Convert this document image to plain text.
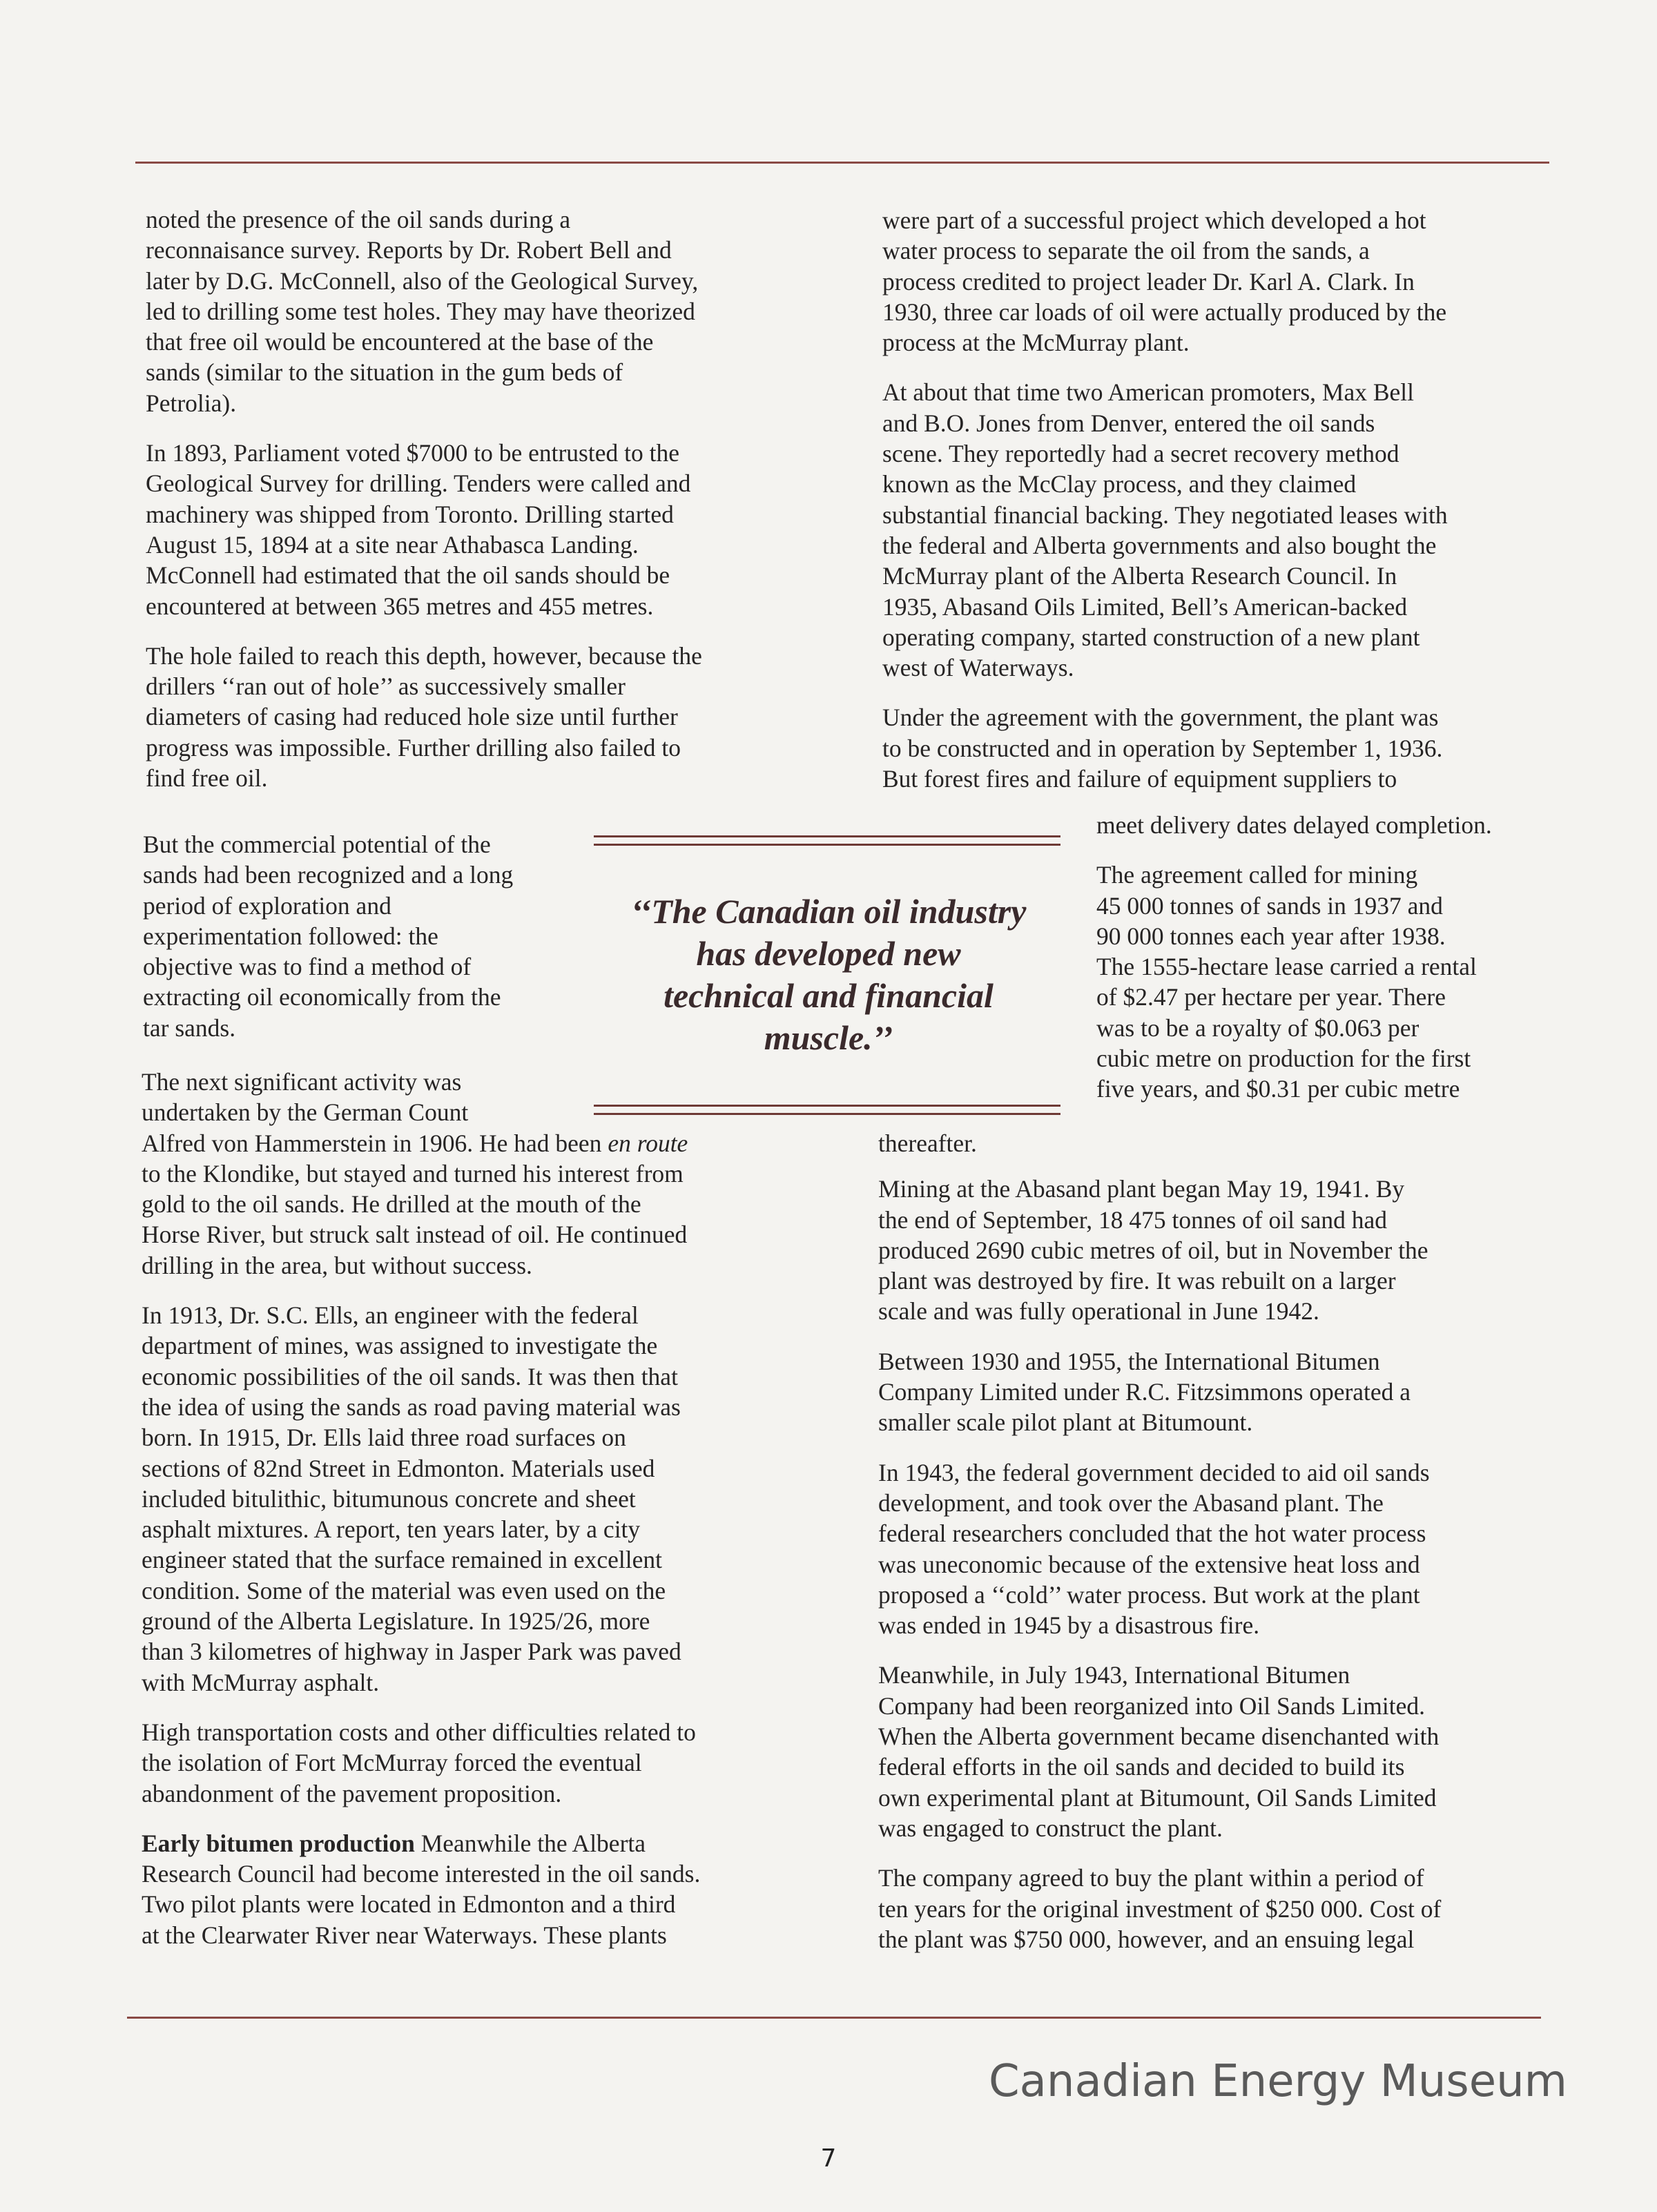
noted the presence of the oil sands during a
reconnaisance survey. Reports by Dr. Robert Bell and
later by D.G. McConnell, also of the Geological Survey,
led to drilling some test holes. They may have theorized
that free oil would be encountered at the base of the
sands (similar to the situation in the gum beds of
Petrolia).

In 1893, Parliament voted $7000 to be entrusted to the
Geological Survey for drilling. Tenders were called and
machinery was shipped from Toronto. Drilling started
August 15, 1894 at a site near Athabasca Landing.
McConnell had estimated that the oil sands should be
encountered at between 365 metres and 455 metres.

The hole failed to reach this depth, however, because the
drillers ‘‘ran out of hole’’ as successively smaller
diameters of casing had reduced hole size until further
progress was impossible. Further drilling also failed to
find free oil.

But the commercial potential of the
sands had been recognized and a long
period of exploration and
experimentation followed: the
objective was to find a method of
extracting oil economically from the
tar sands.

The next significant activity was
undertaken by the German Count
Alfred von Hammerstein in 1906. He had been en route
to the Klondike, but stayed and turned his interest from
gold to the oil sands. He drilled at the mouth of the
Horse River, but struck salt instead of oil. He continued
drilling in the area, but without success.

In 1913, Dr. S.C. Ells, an engineer with the federal
department of mines, was assigned to investigate the
economic possibilities of the oil sands. It was then that
the idea of using the sands as road paving material was
born. In 1915, Dr. Ells laid three road surfaces on
sections of 82nd Street in Edmonton. Materials used
included bitulithic, bitumunous concrete and sheet
asphalt mixtures. A report, ten years later, by a city
engineer stated that the surface remained in excellent
condition. Some of the material was even used on the
ground of the Alberta Legislature. In 1925/26, more
than 3 kilometres of highway in Jasper Park was paved
with McMurray asphalt.

High transportation costs and other difficulties related to
the isolation of Fort McMurray forced the eventual
abandonment of the pavement proposition.

Early bitumen production Meanwhile the Alberta
Research Council had become interested in the oil sands.
Two pilot plants were located in Edmonton and a third
at the Clearwater River near Waterways. These plants

were part of a successful project which developed a hot
water process to separate the oil from the sands, a
process credited to project leader Dr. Karl A. Clark. In
1930, three car loads of oil were actually produced by the
process at the McMurray plant.

At about that time two American promoters, Max Bell
and B.O. Jones from Denver, entered the oil sands
scene. They reportedly had a secret recovery method
known as the McClay process, and they claimed
substantial financial backing. They negotiated leases with
the federal and Alberta governments and also bought the
McMurray plant of the Alberta Research Council. In
1935, Abasand Oils Limited, Bell’s American-backed
operating company, started construction of a new plant
west of Waterways.

Under the agreement with the government, the plant was
to be constructed and in operation by September 1, 1936.
But forest fires and failure of equipment suppliers to

meet delivery dates delayed completion.

The agreement called for mining
45 000 tonnes of sands in 1937 and
90 000 tonnes each year after 1938.
The 1555-hectare lease carried a rental
of $2.47 per hectare per year. There
was to be a royalty of $0.063 per
cubic metre on production for the first
five years, and $0.31 per cubic metre

thereafter.

Mining at the Abasand plant began May 19, 1941. By
the end of September, 18 475 tonnes of oil sand had
produced 2690 cubic metres of oil, but in November the
plant was destroyed by fire. It was rebuilt on a larger
scale and was fully operational in June 1942.

Between 1930 and 1955, the International Bitumen
Company Limited under R.C. Fitzsimmons operated a
smaller scale pilot plant at Bitumount.

In 1943, the federal government decided to aid oil sands
development, and took over the Abasand plant. The
federal researchers concluded that the hot water process
was uneconomic because of the extensive heat loss and
proposed a ‘‘cold’’ water process. But work at the plant
was ended in 1945 by a disastrous fire.

Meanwhile, in July 1943, International Bitumen
Company had been reorganized into Oil Sands Limited.
When the Alberta government became disenchanted with
federal efforts in the oil sands and decided to build its
own experimental plant at Bitumount, Oil Sands Limited
was engaged to construct the plant.

The company agreed to buy the plant within a period of
ten years for the original investment of $250 000. Cost of
the plant was $750 000, however, and an ensuing legal

‘‘The Canadian oil industry
has developed new
technical and financial
muscle.’’
Canadian Energy Museum
7
